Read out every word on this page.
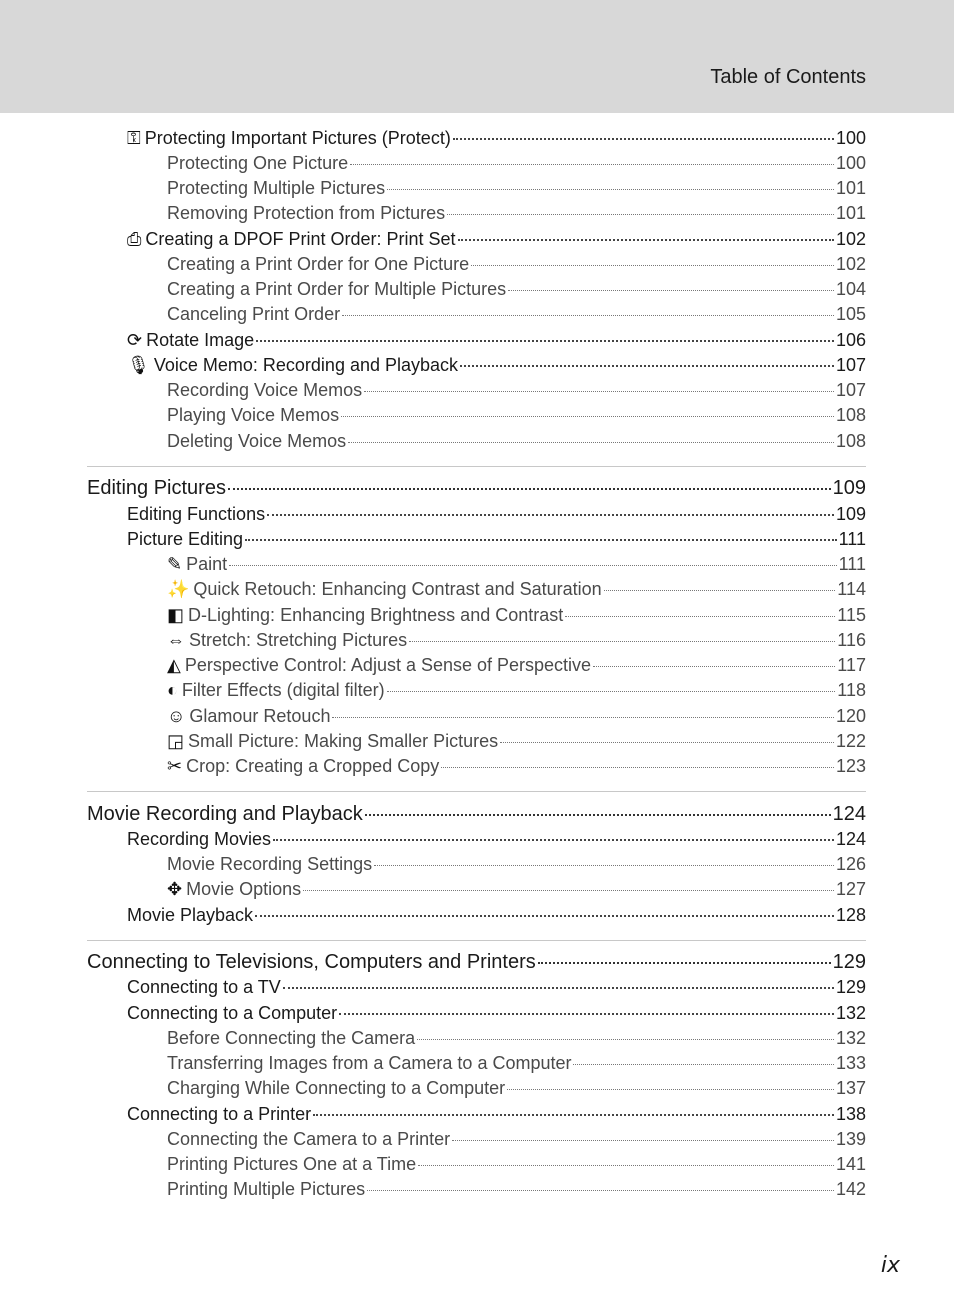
Table of Contents
⚿ Protecting Important Pictures (Protect)	100
Protecting One Picture	100
Protecting Multiple Pictures	101
Removing Protection from Pictures	101
⎙ Creating a DPOF Print Order: Print Set	102
Creating a Print Order for One Picture	102
Creating a Print Order for Multiple Pictures	104
Canceling Print Order	105
⟳ Rotate Image	106
🎙 Voice Memo: Recording and Playback	107
Recording Voice Memos	107
Playing Voice Memos	108
Deleting Voice Memos	108
Editing Pictures	109
Editing Functions	109
Picture Editing	111
✎ Paint	111
✨ Quick Retouch: Enhancing Contrast and Saturation	114
◧ D-Lighting: Enhancing Brightness and Contrast	115
⇔ Stretch: Stretching Pictures	116
◭ Perspective Control: Adjust a Sense of Perspective	117
◐ Filter Effects (digital filter)	118
☺ Glamour Retouch	120
◲ Small Picture: Making Smaller Pictures	122
✂ Crop: Creating a Cropped Copy	123
Movie Recording and Playback	124
Recording Movies	124
Movie Recording Settings	126
✥ Movie Options	127
Movie Playback	128
Connecting to Televisions, Computers and Printers	129
Connecting to a TV	129
Connecting to a Computer	132
Before Connecting the Camera	132
Transferring Images from a Camera to a Computer	133
Charging While Connecting to a Computer	137
Connecting to a Printer	138
Connecting the Camera to a Printer	139
Printing Pictures One at a Time	141
Printing Multiple Pictures	142
ix
